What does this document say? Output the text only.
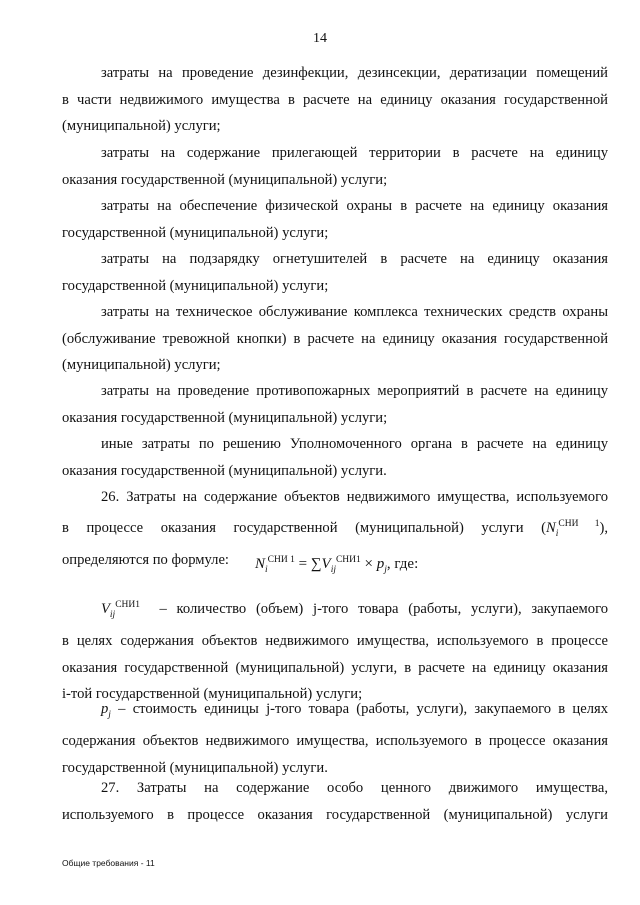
14
затраты на проведение дезинфекции, дезинсекции, дератизации помещений
в части недвижимого имущества в расчете на единицу оказания государственной
(муниципальной) услуги;
затраты на содержание прилегающей территории в расчете на единицу
оказания государственной (муниципальной) услуги;
затраты на обеспечение физической охраны в расчете на единицу оказания
государственной (муниципальной) услуги;
затраты на подзарядку огнетушителей в расчете на единицу оказания
государственной (муниципальной) услуги;
затраты на техническое обслуживание комплекса технических средств охраны
(обслуживание тревожной кнопки) в расчете на единицу оказания государственной
(муниципальной) услуги;
затраты на проведение противопожарных мероприятий в расчете на единицу
оказания государственной (муниципальной) услуги;
иные затраты по решению Уполномоченного органа в расчете на единицу
оказания государственной (муниципальной) услуги.
26. Затраты на содержание объектов недвижимого имущества, используемого
в процессе оказания государственной (муниципальной) услуги $(N_i^{СНИ 1})$,
определяются по формуле:	$N_i^{СНИ 1} = \sum V_{ij}^{СНИ1} \times p_j$, где:
$V_{ij}^{СНИ1}$ – количество (объем) j-того товара (работы, услуги), закупаемого
в целях содержания объектов недвижимого имущества, используемого в процессе
оказания государственной (муниципальной) услуги, в расчете на единицу оказания
i-той государственной (муниципальной) услуги;
$p_j$ – стоимость единицы j-того товара (работы, услуги), закупаемого в целях
содержания объектов недвижимого имущества, используемого в процессе оказания
государственной (муниципальной) услуги.
27. Затраты на содержание особо ценного движимого имущества,
используемого в процессе оказания государственной (муниципальной) услуги
Общие требования - 11
